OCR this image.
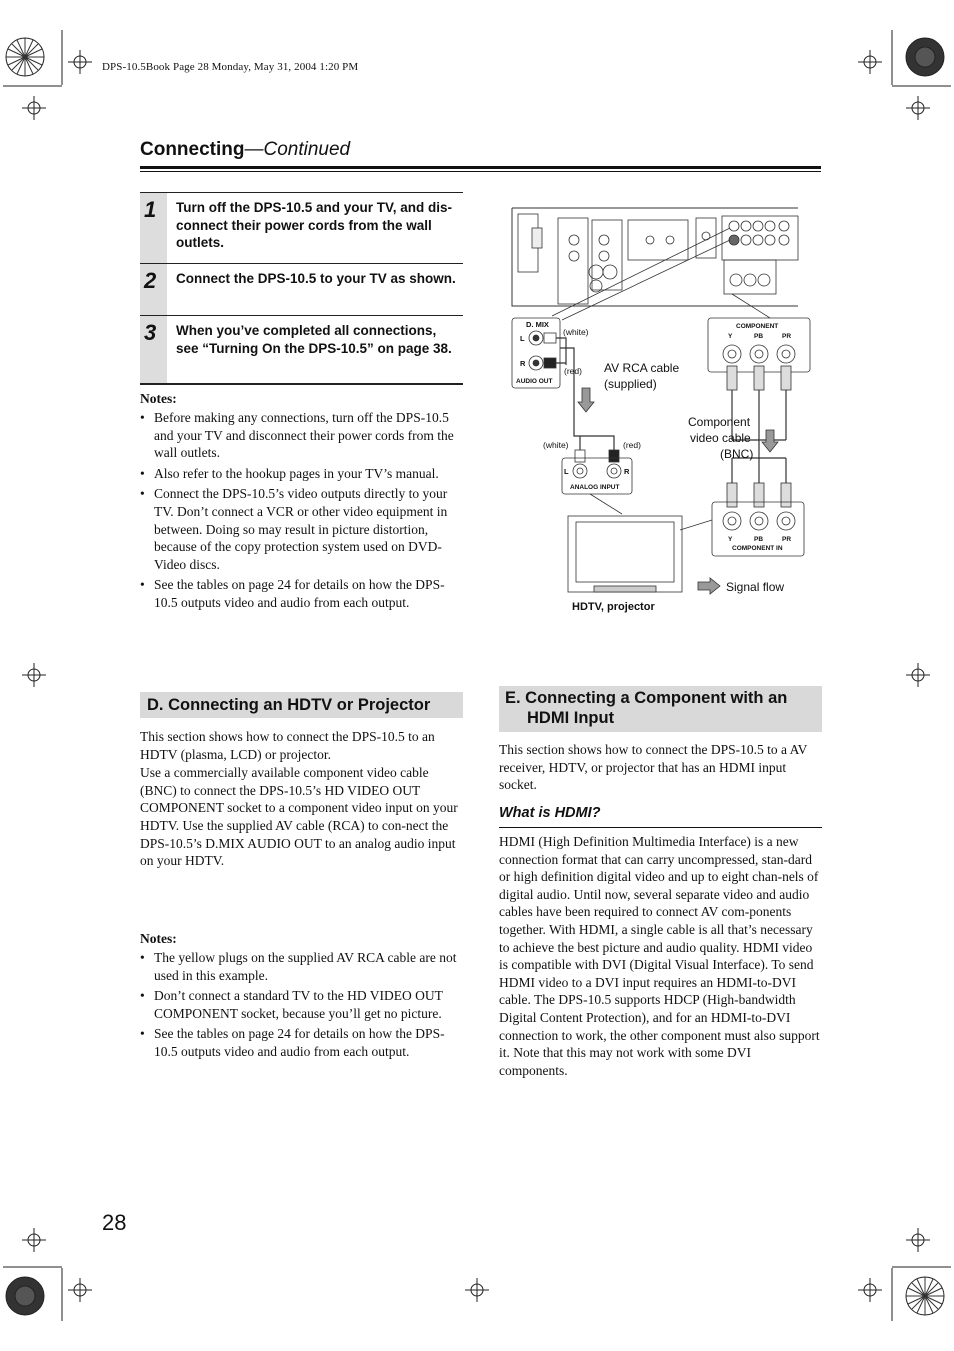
DPS-10.5Book Page 28 Monday, May 31, 2004 1:20 PM
Connecting—Continued
1	Turn off the DPS-10.5 and your TV, and dis-connect their power cords from the wall outlets.
2	Connect the DPS-10.5 to your TV as shown.
3	When you’ve completed all connections, see “Turning On the DPS-10.5” on page 38.
Notes:
• Before making any connections, turn off the DPS-10.5 and your TV and disconnect their power cords from the wall outlets.
• Also refer to the hookup pages in your TV’s manual.
• Connect the DPS-10.5’s video outputs directly to your TV. Don’t connect a VCR or other video equipment in between. Doing so may result in picture distortion, because of the copy protection system used on DVD-Video discs.
• See the tables on page 24 for details on how the DPS-10.5 outputs video and audio from each output.
D. MIX
AUDIO OUT
L
R
COMPONENT
Y	PB	PR
L	R
ANALOG INPUT
Y	PB	PR
COMPONENT IN
HDTV, projector
(white)
(red)
(white)	(red)
AV RCA cable
(supplied)
Component
video cable
(BNC)
Signal flow
D. Connecting an HDTV or Projector

This section shows how to connect the DPS-10.5 to an HDTV (plasma, LCD) or projector.

Use a commercially available component video cable (BNC) to connect the DPS-10.5’s HD VIDEO OUT COMPONENT socket to a component video input on your HDTV. Use the supplied AV cable (RCA) to con-nect the DPS-10.5’s D.MIX AUDIO OUT to an analog audio input on your HDTV.

Notes:
• The yellow plugs on the supplied AV RCA cable are not used in this example.
• Don’t connect a standard TV to the HD VIDEO OUT COMPONENT socket, because you’ll get no picture.
• See the tables on page 24 for details on how the DPS-10.5 outputs video and audio from each output.
E. Connecting a Component with an
HDMI Input
This section shows how to connect the DPS-10.5 to a AV receiver, HDTV, or projector that has an HDMI input socket.
What is HDMI?
HDMI (High Definition Multimedia Interface) is a new connection format that can carry uncompressed, stan-dard or high definition digital video and up to eight chan-nels of digital audio. Until now, several separate video and audio cables have been required to connect AV com-ponents together. With HDMI, a single cable is all that’s necessary to achieve the best picture and audio quality. HDMI video is compatible with DVI (Digital Visual Interface). To send HDMI video to a DVI input requires an HDMI-to-DVI cable. The DPS-10.5 supports HDCP (High-bandwidth Digital Content Protection), and for an HDMI-to-DVI connection to work, the other component must also support it. Note that this may not work with some DVI components.
28
